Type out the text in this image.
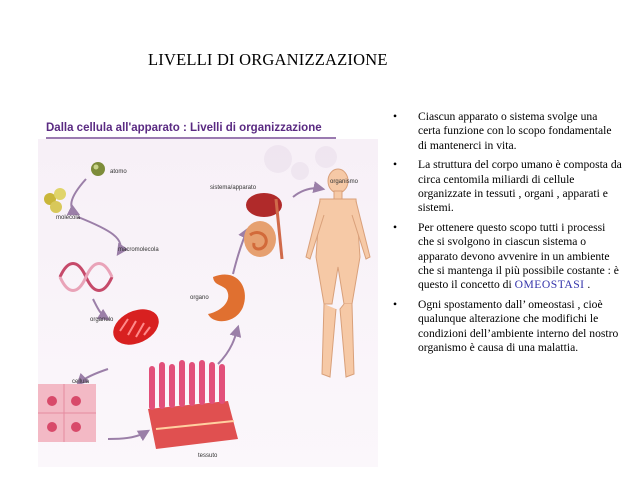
LIVELLI DI ORGANIZZAZIONE
Dalla cellula all'apparato : Livelli di organizzazione
atomo
molecola
macromolecola
organulo
cellula
tessuto
organo
sistema/apparato
organismo
• Ciascun apparato o sistema svolge una certa funzione con lo scopo fondamentale di mantenerci in vita.
• La struttura del corpo umano è composta da circa centomila miliardi di cellule organizzate in tessuti , organi , apparati e sistemi.
• Per ottenere questo scopo tutti i processi che si svolgono in ciascun sistema o apparato devono avvenire in un ambiente che si mantenga il più possibile costante : è questo il concetto di OMEOSTASI .
• Ogni spostamento dall’ omeostasi , cioè qualunque alterazione che modifichi le condizioni dell’ambiente interno del nostro organismo è causa di una malattia.
